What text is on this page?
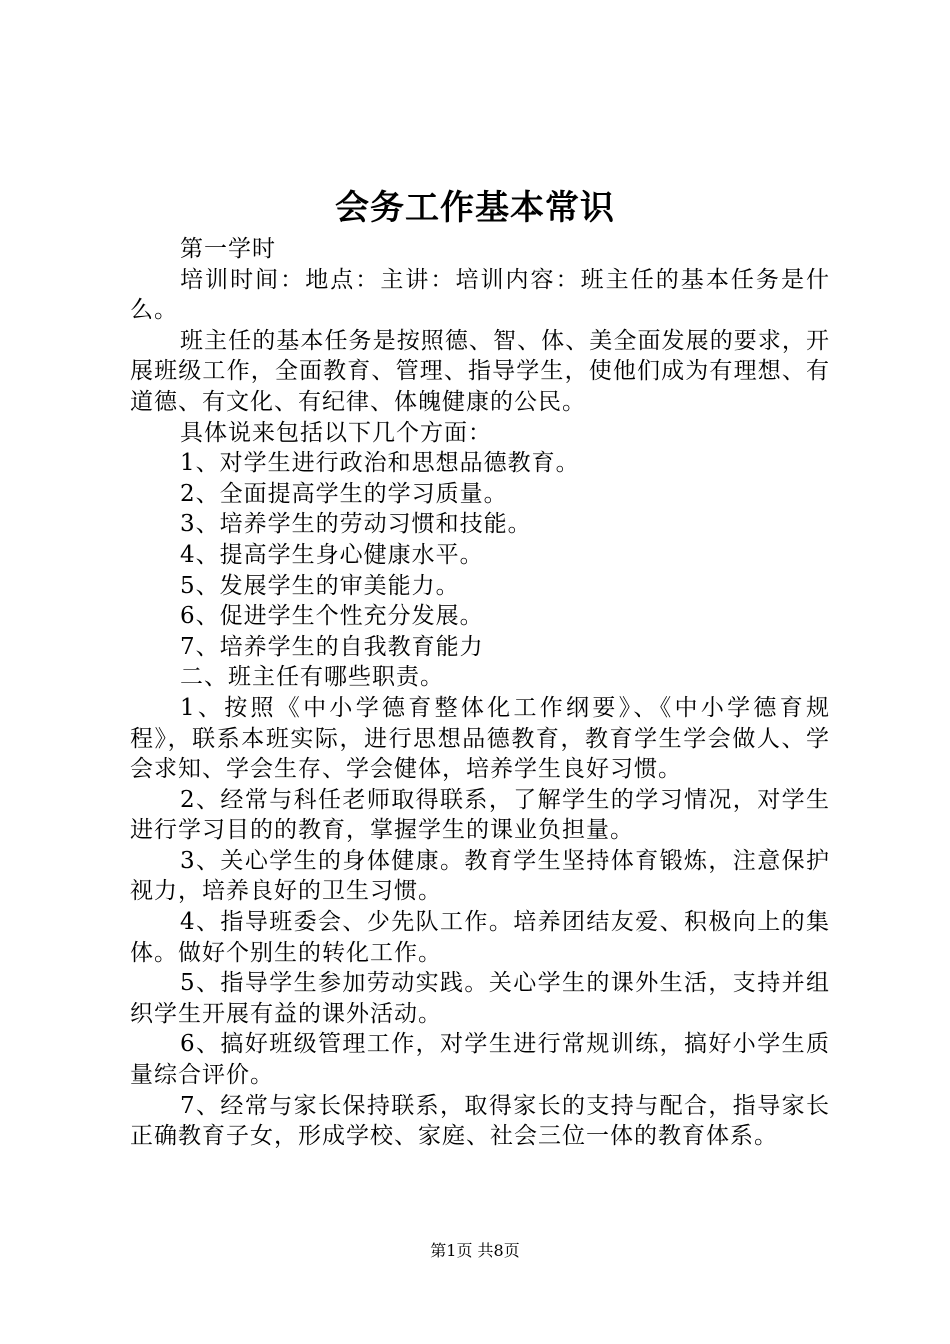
会务工作基本常识

第一学时

培训时间：地点：主讲：培训内容：班主任的基本任务是什么。

班主任的基本任务是按照德、智、体、美全面发展的要求，开展班级工作，全面教育、管理、指导学生，使他们成为有理想、有道德、有文化、有纪律、体魄健康的公民。

具体说来包括以下几个方面：

1、对学生进行政治和思想品德教育。

2、全面提高学生的学习质量。

3、培养学生的劳动习惯和技能。

4、提高学生身心健康水平。

5、发展学生的审美能力。

6、促进学生个性充分发展。

7、培养学生的自我教育能力

二、班主任有哪些职责。

1、按照《中小学德育整体化工作纲要》、《中小学德育规程》，联系本班实际，进行思想品德教育，教育学生学会做人、学会求知、学会生存、学会健体，培养学生良好习惯。

2、经常与科任老师取得联系，了解学生的学习情况，对学生进行学习目的的教育，掌握学生的课业负担量。

3、关心学生的身体健康。教育学生坚持体育锻炼，注意保护视力，培养良好的卫生习惯。

4、指导班委会、少先队工作。培养团结友爱、积极向上的集体。做好个别生的转化工作。

5、指导学生参加劳动实践。关心学生的课外生活，支持并组织学生开展有益的课外活动。

6、搞好班级管理工作，对学生进行常规训练，搞好小学生质量综合评价。

7、经常与家长保持联系，取得家长的支持与配合，指导家长正确教育子女，形成学校、家庭、社会三位一体的教育体系。

第1页 共8页
